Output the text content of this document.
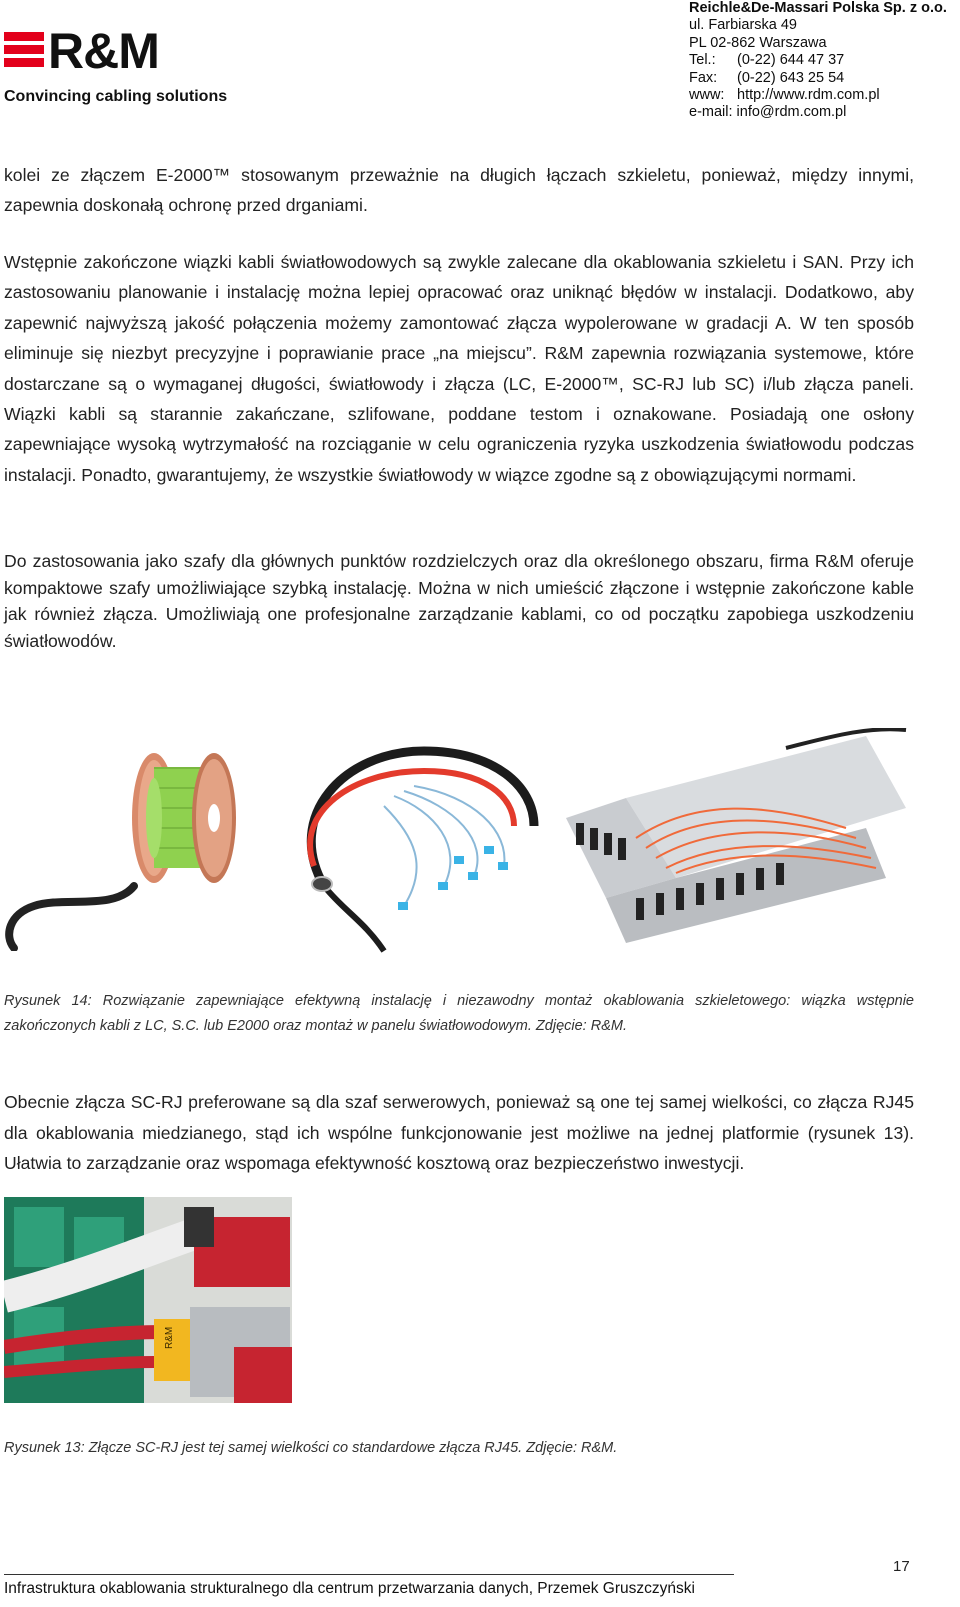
R&M
Convincing cabling solutions
Reichle&De-Massari Polska Sp. z o.o.
ul. Farbiarska 49
PL 02-862 Warszawa
Tel.: (0-22) 644 47 37
Fax: (0-22) 643 25 54
www: http://www.rdm.com.pl
e-mail: info@rdm.com.pl

kolei ze złączem E-2000™ stosowanym przeważnie na długich łączach szkieletu, ponieważ, między innymi, zapewnia doskonałą ochronę przed drganiami.

Wstępnie zakończone wiązki kabli światłowodowych są zwykle zalecane dla okablowania szkieletu i SAN. Przy ich zastosowaniu planowanie i instalację można lepiej opracować oraz uniknąć błędów w instalacji. Dodatkowo, aby zapewnić najwyższą jakość połączenia możemy zamontować złącza wypolerowane w gradacji A. W ten sposób eliminuje się niezbyt precyzyjne i poprawianie prace „na miejscu”. R&M zapewnia rozwiązania systemowe, które dostarczane są o wymaganej długości, światłowody i złącza (LC, E-2000™, SC-RJ lub SC) i/lub złącza paneli. Wiązki kabli są starannie zakańczane, szlifowane, poddane testom i oznakowane. Posiadają one osłony zapewniające wysoką wytrzymałość na rozciąganie w celu ograniczenia ryzyka uszkodzenia światłowodu podczas instalacji. Ponadto, gwarantujemy, że wszystkie światłowody w wiązce zgodne są z obowiązującymi normami.

Do zastosowania jako szafy dla głównych punktów rozdzielczych oraz dla określonego obszaru, firma R&M oferuje kompaktowe szafy umożliwiające szybką instalację. Można w nich umieścić złączone i wstępnie zakończone kable jak również złącza. Umożliwiają one profesjonalne zarządzanie kablami, co od początku zapobiega uszkodzeniu światłowodów.

Rysunek 14: Rozwiązanie zapewniające efektywną instalację i niezawodny montaż okablowania szkieletowego: wiązka wstępnie zakończonych kabli z LC, S.C. lub E2000 oraz montaż w panelu światłowodowym. Zdjęcie: R&M.

Obecnie złącza SC-RJ preferowane są dla szaf serwerowych, ponieważ są one tej samej wielkości, co złącza RJ45 dla okablowania miedzianego, stąd ich wspólne funkcjonowanie jest możliwe na jednej platformie (rysunek 13). Ułatwia to zarządzanie oraz wspomaga efektywność kosztową oraz bezpieczeństwo inwestycji.

R&M

Rysunek 13: Złącze SC-RJ jest tej samej wielkości co standardowe złącza RJ45. Zdjęcie: R&M.

17
Infrastruktura okablowania strukturalnego dla centrum przetwarzania danych, Przemek Gruszczyński
